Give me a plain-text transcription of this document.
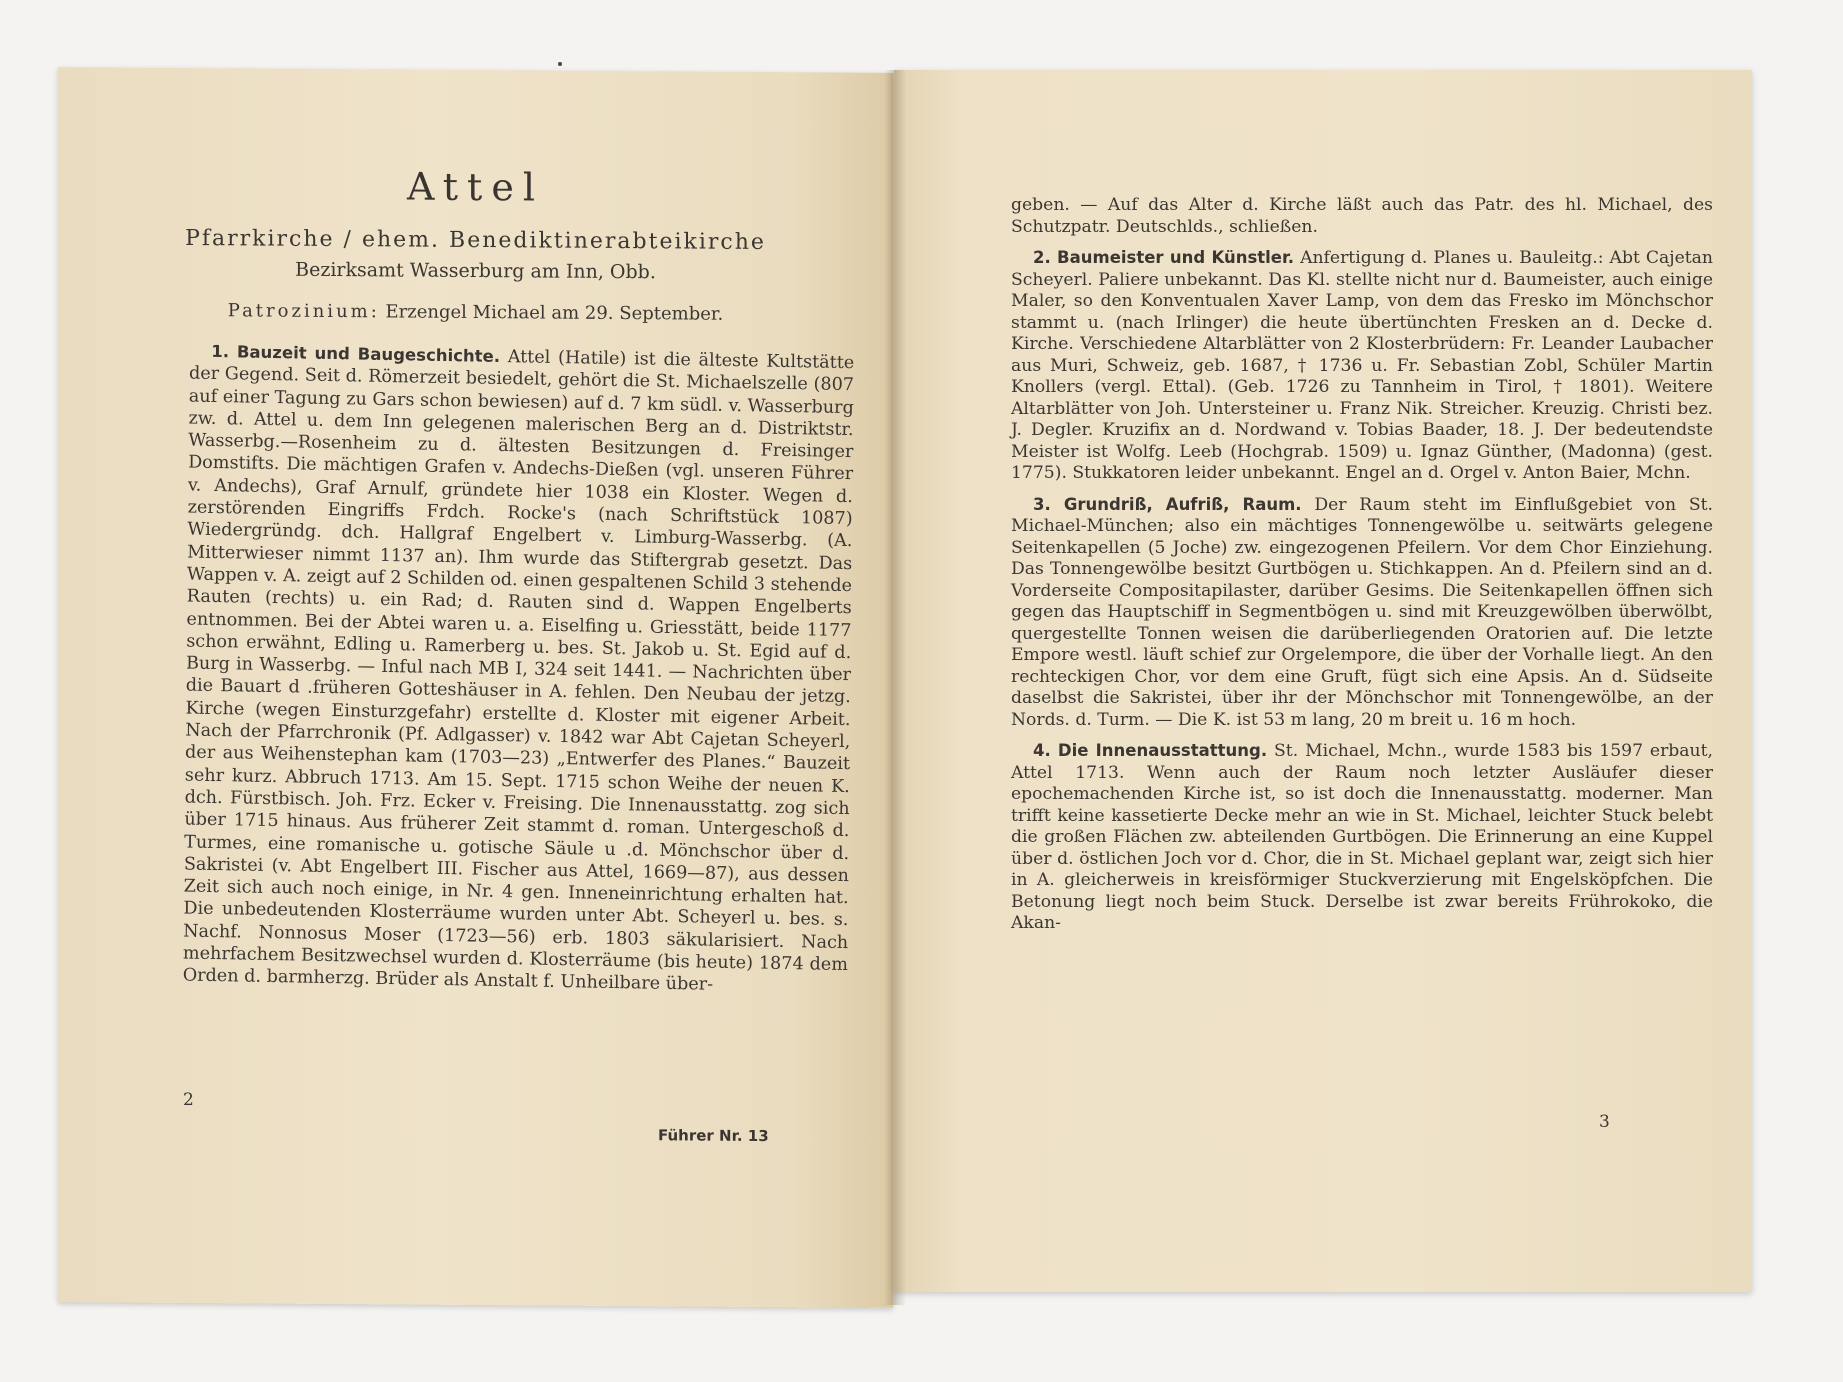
Attel
Pfarrkirche / ehem. Benediktinerabteikirche
Bezirksamt Wasserburg am Inn, Obb.
Patrozinium: Erzengel Michael am 29. September.

1. Bauzeit und Baugeschichte. Attel (Hatile) ist die älteste Kultstätte der Gegend. Seit d. Römerzeit besiedelt, gehört die St. Michaelszelle (807 auf einer Tagung zu Gars schon bewiesen) auf d. 7 km südl. v. Wasserburg zw. d. Attel u. dem Inn gelegenen malerischen Berg an d. Distriktstr. Wasserbg.—Rosenheim zu d. ältesten Besitzungen d. Freisinger Domstifts. Die mächtigen Grafen v. Andechs-Dießen (vgl. unseren Führer v. Andechs), Graf Arnulf, gründete hier 1038 ein Kloster. Wegen d. zerstörenden Eingriffs Frdch. Rocke's (nach Schriftstück 1087) Wiedergründg. dch. Hallgraf Engelbert v. Limburg-Wasserbg. (A. Mitterwieser nimmt 1137 an). Ihm wurde das Stiftergrab gesetzt. Das Wappen v. A. zeigt auf 2 Schilden od. einen gespaltenen Schild 3 stehende Rauten (rechts) u. ein Rad; d. Rauten sind d. Wappen Engelberts entnommen. Bei der Abtei waren u. a. Eiselfing u. Griesstätt, beide 1177 schon erwähnt, Edling u. Ramerberg u. bes. St. Jakob u. St. Egid auf d. Burg in Wasserbg. — Inful nach MB I, 324 seit 1441. — Nachrichten über die Bauart d .früheren Gotteshäuser in A. fehlen. Den Neubau der jetzg. Kirche (wegen Einsturzgefahr) erstellte d. Kloster mit eigener Arbeit. Nach der Pfarrchronik (Pf. Adlgasser) v. 1842 war Abt Cajetan Scheyerl, der aus Weihenstephan kam (1703—23) „Entwerfer des Planes.“ Bauzeit sehr kurz. Abbruch 1713. Am 15. Sept. 1715 schon Weihe der neuen K. dch. Fürstbisch. Joh. Frz. Ecker v. Freising. Die Innenausstattg. zog sich über 1715 hinaus. Aus früherer Zeit stammt d. roman. Untergeschoß d. Turmes, eine romanische u. gotische Säule u .d. Mönchschor über d. Sakristei (v. Abt Engelbert III. Fischer aus Attel, 1669—87), aus dessen Zeit sich auch noch einige, in Nr. 4 gen. Inneneinrichtung erhalten hat. Die unbedeutenden Klosterräume wurden unter Abt. Scheyerl u. bes. s. Nachf. Nonnosus Moser (1723—56) erb. 1803 säkularisiert. Nach mehrfachem Besitzwechsel wurden d. Klosterräume (bis heute) 1874 dem Orden d. barmherzg. Brüder als Anstalt f. Unheilbare über-

2
Führer Nr. 13

geben. — Auf das Alter d. Kirche läßt auch das Patr. des hl. Michael, des Schutzpatr. Deutschlds., schließen.

2. Baumeister und Künstler. Anfertigung d. Planes u. Bauleitg.: Abt Cajetan Scheyerl. Paliere unbekannt. Das Kl. stellte nicht nur d. Baumeister, auch einige Maler, so den Konventualen Xaver Lamp, von dem das Fresko im Mönchschor stammt u. (nach Irlinger) die heute übertünchten Fresken an d. Decke d. Kirche. Verschiedene Altarblätter von 2 Klosterbrüdern: Fr. Leander Laubacher aus Muri, Schweiz, geb. 1687, † 1736 u. Fr. Sebastian Zobl, Schüler Martin Knollers (vergl. Ettal). (Geb. 1726 zu Tannheim in Tirol, † 1801). Weitere Altarblätter von Joh. Untersteiner u. Franz Nik. Streicher. Kreuzig. Christi bez. J. Degler. Kruzifix an d. Nordwand v. Tobias Baader, 18. J. Der bedeutendste Meister ist Wolfg. Leeb (Hochgrab. 1509) u. Ignaz Günther, (Madonna) (gest. 1775). Stukkatoren leider unbekannt. Engel an d. Orgel v. Anton Baier, Mchn.

3. Grundriß, Aufriß, Raum. Der Raum steht im Einflußgebiet von St. Michael-München; also ein mächtiges Tonnengewölbe u. seitwärts gelegene Seitenkapellen (5 Joche) zw. eingezogenen Pfeilern. Vor dem Chor Einziehung. Das Tonnengewölbe besitzt Gurtbögen u. Stichkappen. An d. Pfeilern sind an d. Vorderseite Compositapilaster, darüber Gesims. Die Seitenkapellen öffnen sich gegen das Hauptschiff in Segmentbögen u. sind mit Kreuzgewölben überwölbt, quergestellte Tonnen weisen die darüberliegenden Oratorien auf. Die letzte Empore westl. läuft schief zur Orgelempore, die über der Vorhalle liegt. An den rechteckigen Chor, vor dem eine Gruft, fügt sich eine Apsis. An d. Südseite daselbst die Sakristei, über ihr der Mönchschor mit Tonnengewölbe, an der Nords. d. Turm. — Die K. ist 53 m lang, 20 m breit u. 16 m hoch.

4. Die Innenausstattung. St. Michael, Mchn., wurde 1583 bis 1597 erbaut, Attel 1713. Wenn auch der Raum noch letzter Ausläufer dieser epochemachenden Kirche ist, so ist doch die Innenausstattg. moderner. Man trifft keine kassetierte Decke mehr an wie in St. Michael, leichter Stuck belebt die großen Flächen zw. abteilenden Gurtbögen. Die Erinnerung an eine Kuppel über d. östlichen Joch vor d. Chor, die in St. Michael geplant war, zeigt sich hier in A. gleicherweis in kreisförmiger Stuckverzierung mit Engelsköpfchen. Die Betonung liegt noch beim Stuck. Derselbe ist zwar bereits Frührokoko, die Akan-

3
